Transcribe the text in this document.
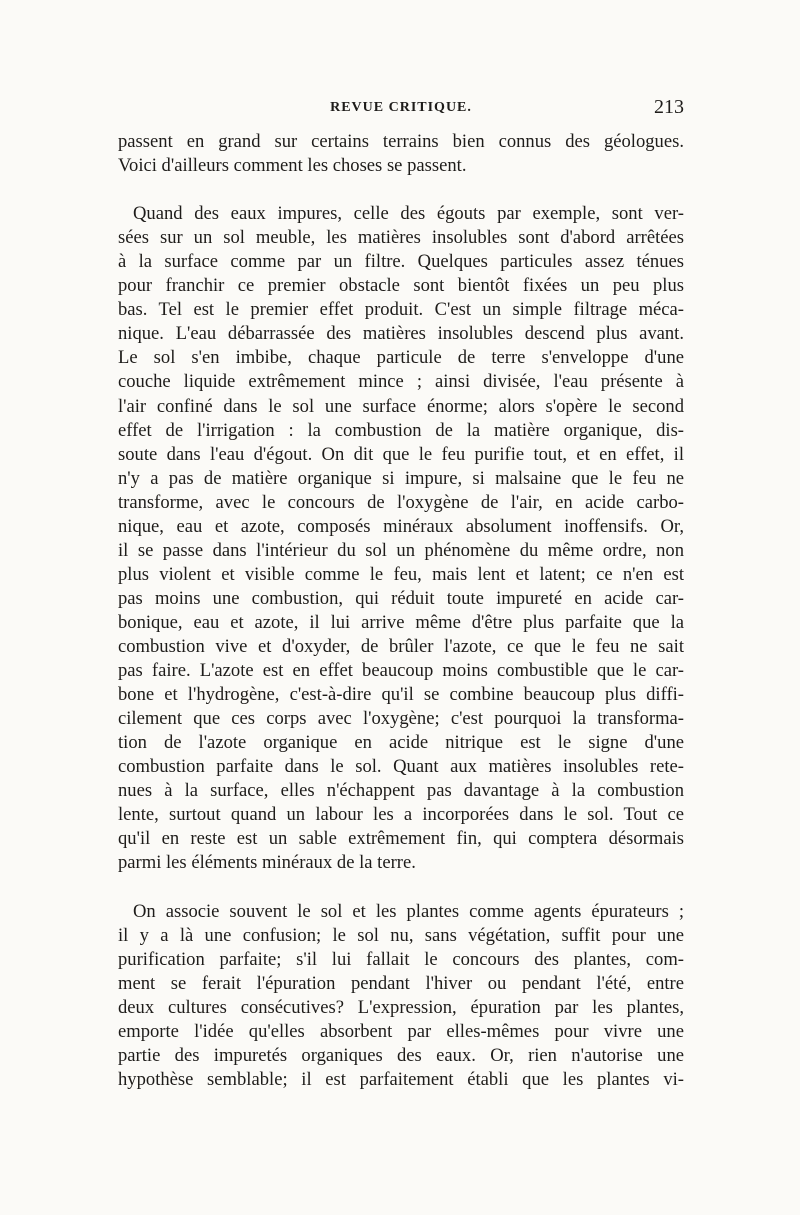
REVUE CRITIQUE.	213
passent en grand sur certains terrains bien connus des géologues.
Voici d'ailleurs comment les choses se passent.
Quand des eaux impures, celle des égouts par exemple, sont ver-
sées sur un sol meuble, les matières insolubles sont d'abord arrêtées
à la surface comme par un filtre. Quelques particules assez ténues
pour franchir ce premier obstacle sont bientôt fixées un peu plus
bas. Tel est le premier effet produit. C'est un simple filtrage méca-
nique. L'eau débarrassée des matières insolubles descend plus avant.
Le sol s'en imbibe, chaque particule de terre s'enveloppe d'une
couche liquide extrêmement mince ; ainsi divisée, l'eau présente à
l'air confiné dans le sol une surface énorme; alors s'opère le second
effet de l'irrigation : la combustion de la matière organique, dis-
soute dans l'eau d'égout. On dit que le feu purifie tout, et en effet, il
n'y a pas de matière organique si impure, si malsaine que le feu ne
transforme, avec le concours de l'oxygène de l'air, en acide carbo-
nique, eau et azote, composés minéraux absolument inoffensifs. Or,
il se passe dans l'intérieur du sol un phénomène du même ordre, non
plus violent et visible comme le feu, mais lent et latent; ce n'en est
pas moins une combustion, qui réduit toute impureté en acide car-
bonique, eau et azote, il lui arrive même d'être plus parfaite que la
combustion vive et d'oxyder, de brûler l'azote, ce que le feu ne sait
pas faire. L'azote est en effet beaucoup moins combustible que le car-
bone et l'hydrogène, c'est-à-dire qu'il se combine beaucoup plus diffi-
cilement que ces corps avec l'oxygène; c'est pourquoi la transforma-
tion de l'azote organique en acide nitrique est le signe d'une
combustion parfaite dans le sol. Quant aux matières insolubles rete-
nues à la surface, elles n'échappent pas davantage à la combustion
lente, surtout quand un labour les a incorporées dans le sol. Tout ce
qu'il en reste est un sable extrêmement fin, qui comptera désormais
parmi les éléments minéraux de la terre.
On associe souvent le sol et les plantes comme agents épurateurs ;
il y a là une confusion; le sol nu, sans végétation, suffit pour une
purification parfaite; s'il lui fallait le concours des plantes, com-
ment se ferait l'épuration pendant l'hiver ou pendant l'été, entre
deux cultures consécutives? L'expression, épuration par les plantes,
emporte l'idée qu'elles absorbent par elles-mêmes pour vivre une
partie des impuretés organiques des eaux. Or, rien n'autorise une
hypothèse semblable; il est parfaitement établi que les plantes vi-
